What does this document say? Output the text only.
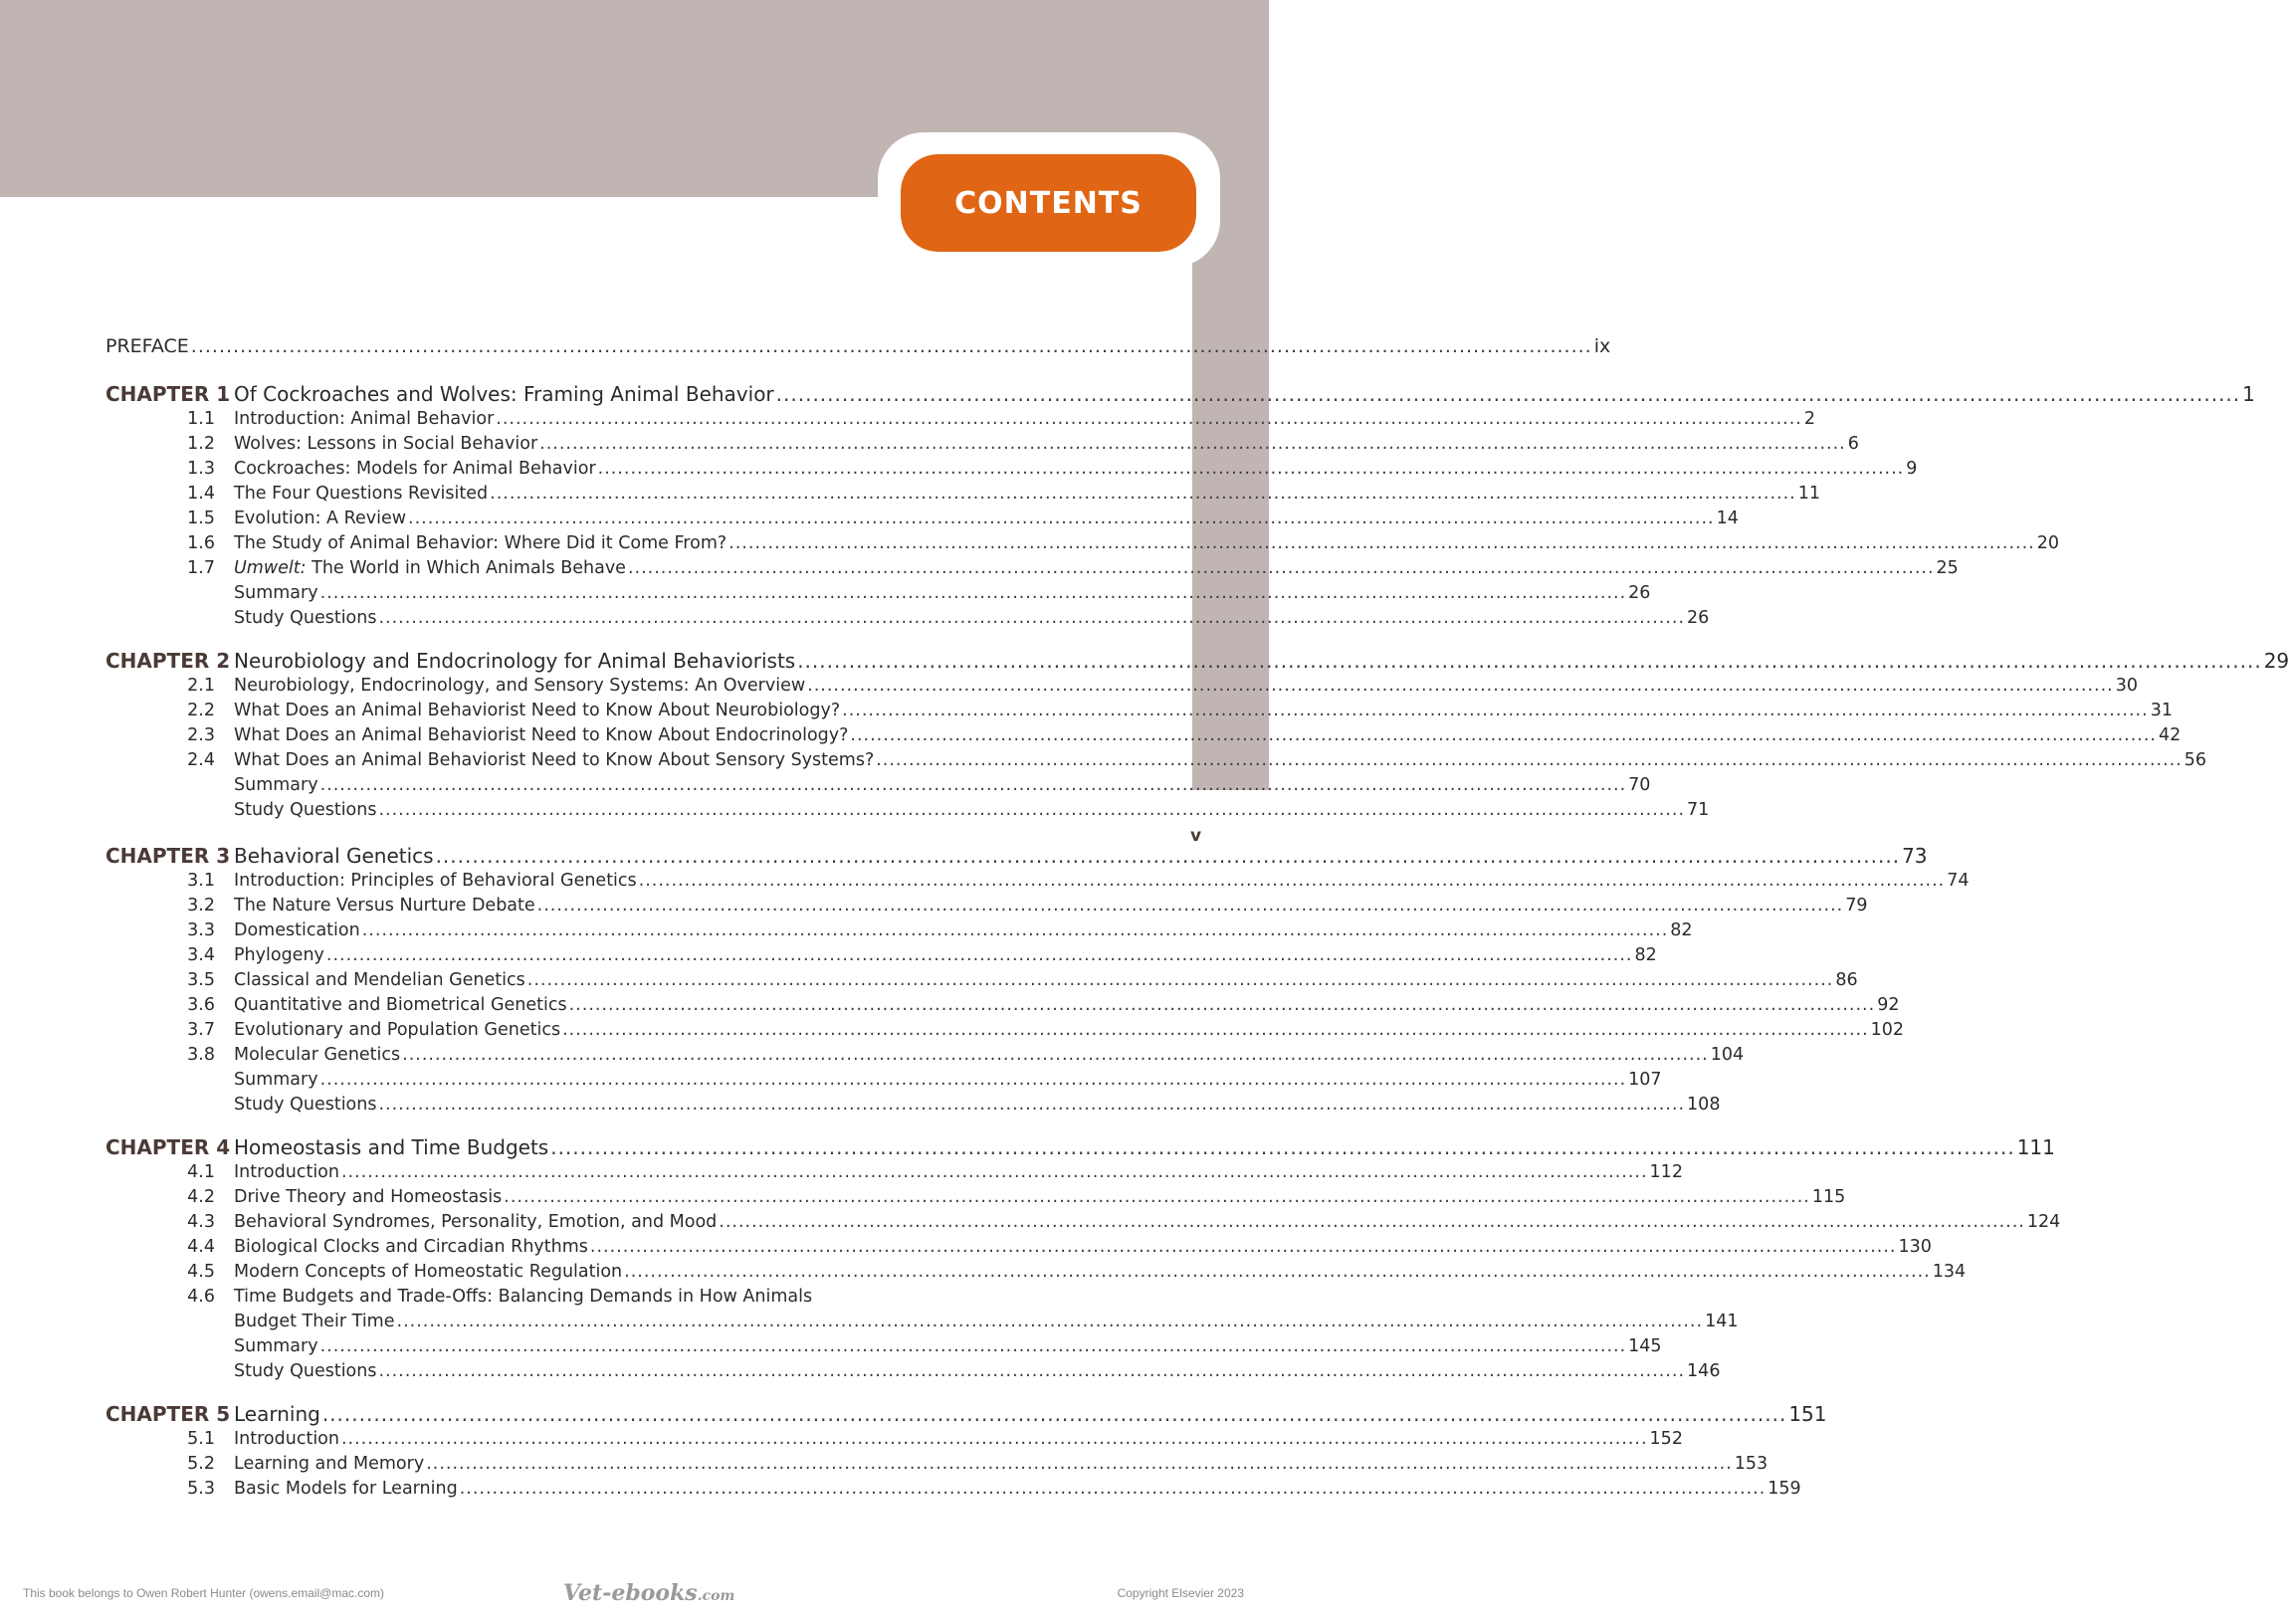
CONTENTS
v
PREFACE ........................................................................................................................................................................................................ ix
CHAPTER 1 Of Cockroaches and Wolves: Framing Animal Behavior ........................................................................................................................................................................................................ 1
1.1	Introduction: Animal Behavior ........................................................................................................................................................................................................ 2
1.2	Wolves: Lessons in Social Behavior ........................................................................................................................................................................................................ 6
1.3	Cockroaches: Models for Animal Behavior ........................................................................................................................................................................................................ 9
1.4	The Four Questions Revisited ........................................................................................................................................................................................................ 11
1.5	Evolution: A Review ........................................................................................................................................................................................................ 14
1.6	The Study of Animal Behavior: Where Did it Come From? ........................................................................................................................................................................................................ 20
1.7	Umwelt: The World in Which Animals Behave ........................................................................................................................................................................................................ 25
Summary ........................................................................................................................................................................................................ 26
Study Questions ........................................................................................................................................................................................................ 26
CHAPTER 2 Neurobiology and Endocrinology for Animal Behaviorists ........................................................................................................................................................................................................ 29
2.1	Neurobiology, Endocrinology, and Sensory Systems: An Overview ........................................................................................................................................................................................................ 30
2.2	What Does an Animal Behaviorist Need to Know About Neurobiology? ........................................................................................................................................................................................................ 31
2.3	What Does an Animal Behaviorist Need to Know About Endocrinology? ........................................................................................................................................................................................................ 42
2.4	What Does an Animal Behaviorist Need to Know About Sensory Systems? ........................................................................................................................................................................................................ 56
Summary ........................................................................................................................................................................................................ 70
Study Questions ........................................................................................................................................................................................................ 71
CHAPTER 3 Behavioral Genetics ........................................................................................................................................................................................................ 73
3.1	Introduction: Principles of Behavioral Genetics ........................................................................................................................................................................................................ 74
3.2	The Nature Versus Nurture Debate ........................................................................................................................................................................................................ 79
3.3	Domestication ........................................................................................................................................................................................................ 82
3.4	Phylogeny ........................................................................................................................................................................................................ 82
3.5	Classical and Mendelian Genetics ........................................................................................................................................................................................................ 86
3.6	Quantitative and Biometrical Genetics ........................................................................................................................................................................................................ 92
3.7	Evolutionary and Population Genetics ........................................................................................................................................................................................................ 102
3.8	Molecular Genetics ........................................................................................................................................................................................................ 104
Summary ........................................................................................................................................................................................................ 107
Study Questions ........................................................................................................................................................................................................ 108
CHAPTER 4 Homeostasis and Time Budgets ........................................................................................................................................................................................................ 111
4.1	Introduction ........................................................................................................................................................................................................ 112
4.2	Drive Theory and Homeostasis ........................................................................................................................................................................................................ 115
4.3	Behavioral Syndromes, Personality, Emotion, and Mood ........................................................................................................................................................................................................ 124
4.4	Biological Clocks and Circadian Rhythms ........................................................................................................................................................................................................ 130
4.5	Modern Concepts of Homeostatic Regulation ........................................................................................................................................................................................................ 134
4.6	Time Budgets and Trade-Offs: Balancing Demands in How Animals
Budget Their Time ........................................................................................................................................................................................................ 141
Summary ........................................................................................................................................................................................................ 145
Study Questions ........................................................................................................................................................................................................ 146
CHAPTER 5 Learning ........................................................................................................................................................................................................ 151
5.1	Introduction ........................................................................................................................................................................................................ 152
5.2	Learning and Memory ........................................................................................................................................................................................................ 153
5.3	Basic Models for Learning ........................................................................................................................................................................................................ 159
This book belongs to Owen Robert Hunter (owens.email@mac.com)	Vet-ebooks.com	Copyright Elsevier 2023
